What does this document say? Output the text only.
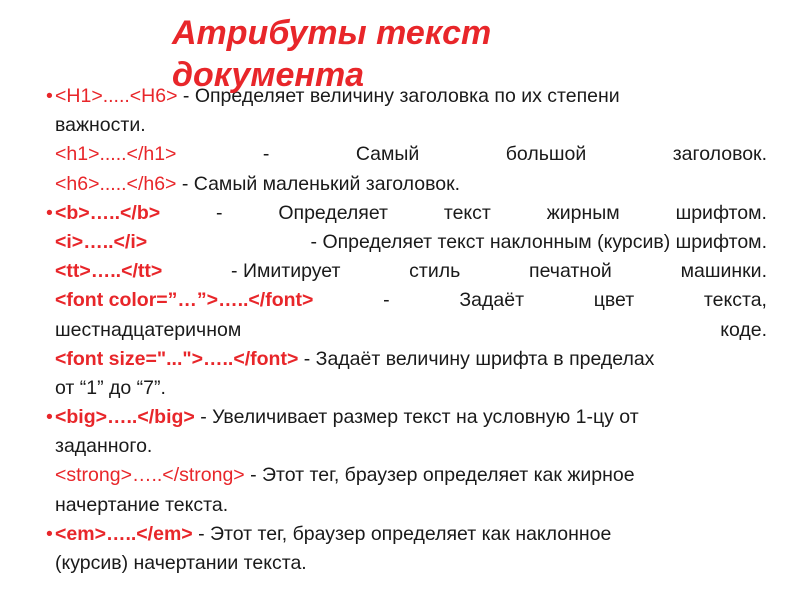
Атрибуты текст документа
• <H1>.....<H6> - Определяет величину заголовка по их степени
важности.
<h1>.....</h1>	-	Самый	большой	заголовок.
<h6>.....</h6> - Самый маленький заголовок.
• <b>…..</b>	-	Определяет	текст	жирным	шрифтом.
<i>…..</i>	- Определяет текст наклонным (курсив) шрифтом.
<tt>…..</tt>	- Имитирует	стиль	печатной	машинки.
<font color=”…”>…..</font>	-	Задаёт	цвет	текста,
шестнадцатеричном	коде.
<font size="...">…..</font> - Задаёт величину шрифта в пределах
от “1” до “7”.
• <big>…..</big> - Увеличивает размер текст на условную 1-цу от
заданного.
<strong>…..</strong> - Этот тег, браузер определяет как жирное
начертание текста.
• <em>…..</em> - Этот тег, браузер определяет как наклонное
(курсив) начертании текста.
